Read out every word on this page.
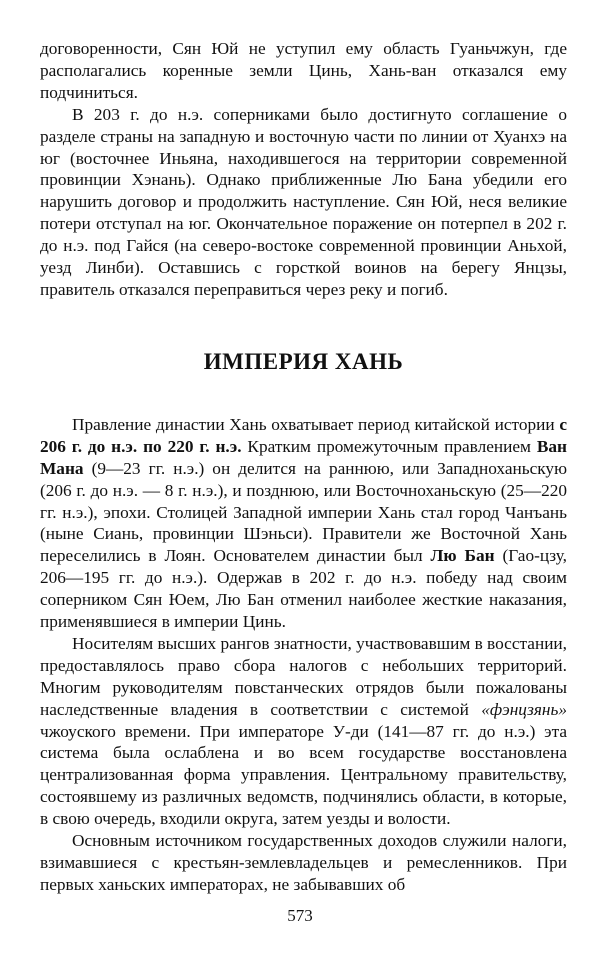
договоренности, Сян Юй не уступил ему область Гуаньчжун, где располагались коренные земли Цинь, Хань-ван отказался ему подчиниться.

В 203 г. до н.э. соперниками было достигнуто соглашение о разделе страны на западную и восточную части по линии от Хуанхэ на юг (восточнее Иньяна, находившегося на территории современной провинции Хэнань). Однако приближенные Лю Бана убедили его нарушить договор и продолжить наступление. Сян Юй, неся великие потери отступал на юг. Окончательное поражение он потерпел в 202 г. до н.э. под Гайся (на северо-востоке современной провинции Аньхой, уезд Линби). Оставшись с горсткой воинов на берегу Янцзы, правитель отказался переправиться через реку и погиб.

ИМПЕРИЯ ХАНЬ

Правление династии Хань охватывает период китайской истории с 206 г. до н.э. по 220 г. н.э. Кратким промежуточным правлением Ван Мана (9—23 гг. н.э.) он делится на раннюю, или Западноханьскую (206 г. до н.э. — 8 г. н.э.), и позднюю, или Восточноханьскую (25—220 гг. н.э.), эпохи. Столицей Западной империи Хань стал город Чанъань (ныне Сиань, провинции Шэньси). Правители же Восточной Хань переселились в Лоян. Основателем династии был Лю Бан (Гао-цзу, 206—195 гг. до н.э.). Одержав в 202 г. до н.э. победу над своим соперником Сян Юем, Лю Бан отменил наиболее жесткие наказания, применявшиеся в империи Цинь.

Носителям высших рангов знатности, участвовавшим в восстании, предоставлялось право сбора налогов с небольших территорий. Многим руководителям повстанческих отрядов были пожалованы наследственные владения в соответствии с системой «фэнцзянь» чжоуского времени. При императоре У-ди (141—87 гг. до н.э.) эта система была ослаблена и во всем государстве восстановлена централизованная форма управления. Центральному правительству, состоявшему из различных ведомств, подчинялись области, в которые, в свою очередь, входили округа, затем уезды и волости.

Основным источником государственных доходов служили налоги, взимавшиеся с крестьян-землевладельцев и ремесленников. При первых ханьских императорах, не забывавших об

573
